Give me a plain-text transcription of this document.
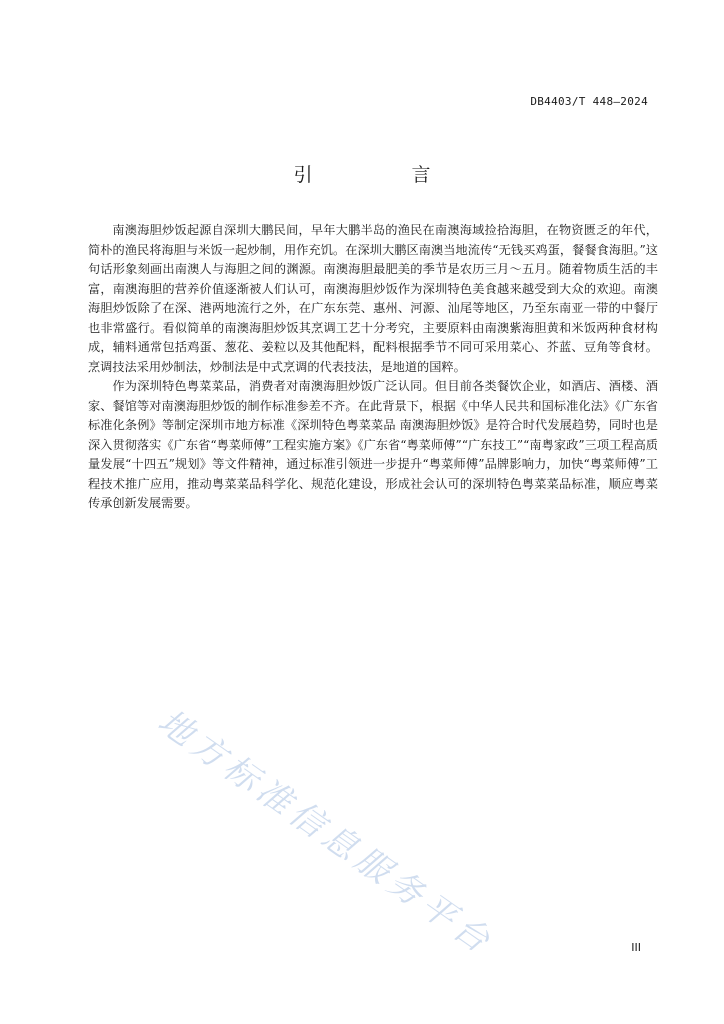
DB4403/T 448—2024
引　言

南澳海胆炒饭起源自深圳大鹏民间，早年大鹏半岛的渔民在南澳海域捡拾海胆，在物资匮乏的年代，简朴的渔民将海胆与米饭一起炒制，用作充饥。在深圳大鹏区南澳当地流传“无钱买鸡蛋，餐餐食海胆。”这句话形象刻画出南澳人与海胆之间的渊源。南澳海胆最肥美的季节是农历三月～五月。随着物质生活的丰富，南澳海胆的营养价值逐渐被人们认可，南澳海胆炒饭作为深圳特色美食越来越受到大众的欢迎。南澳海胆炒饭除了在深、港两地流行之外，在广东东莞、惠州、河源、汕尾等地区，乃至东南亚一带的中餐厅也非常盛行。看似简单的南澳海胆炒饭其烹调工艺十分考究，主要原料由南澳紫海胆黄和米饭两种食材构成，辅料通常包括鸡蛋、葱花、姜粒以及其他配料，配料根据季节不同可采用菜心、芥蓝、豆角等食材。烹调技法采用炒制法，炒制法是中式烹调的代表技法，是地道的国粹。

作为深圳特色粤菜菜品，消费者对南澳海胆炒饭广泛认同。但目前各类餐饮企业，如酒店、酒楼、酒家、餐馆等对南澳海胆炒饭的制作标准参差不齐。在此背景下，根据《中华人民共和国标准化法》《广东省标准化条例》等制定深圳市地方标准《深圳特色粤菜菜品 南澳海胆炒饭》是符合时代发展趋势，同时也是深入贯彻落实《广东省“粤菜师傅”工程实施方案》《广东省“粤菜师傅”“广东技工”“南粤家政”三项工程高质量发展“十四五”规划》等文件精神，通过标准引领进一步提升“粤菜师傅”品牌影响力，加快“粤菜师傅”工程技术推广应用，推动粤菜菜品科学化、规范化建设，形成社会认可的深圳特色粤菜菜品标准，顺应粤菜传承创新发展需要。

地方标准信息服务平台	III
